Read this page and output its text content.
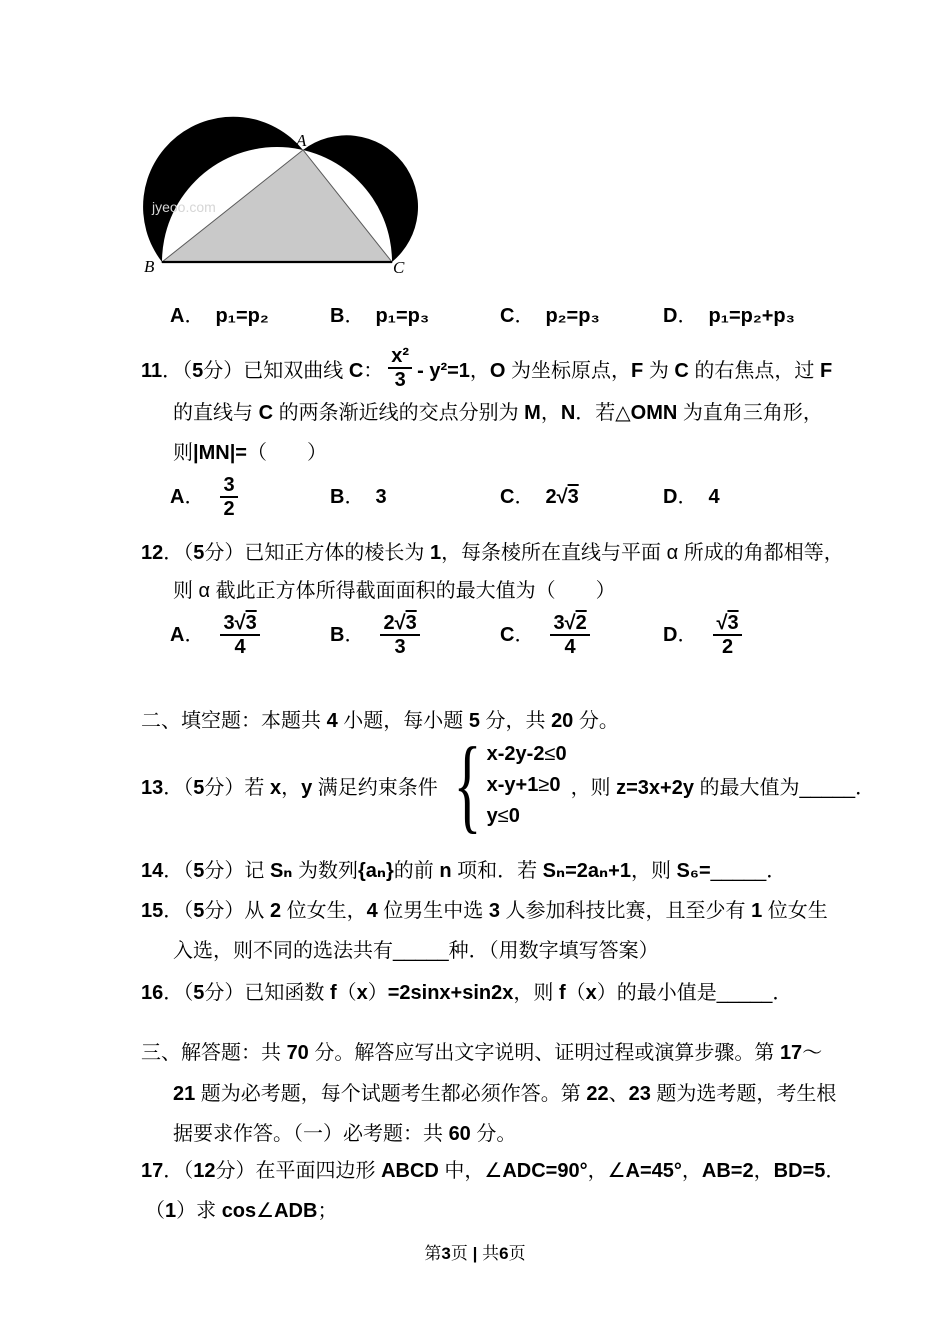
jyeoo.com
A
B	C
A． p₁=p₂	B． p₁=p₃	C． p₂=p₃	D． p₁=p₂+p₃
11．（5分）已知双曲线 C： $\frac{\text{x²}}{3} - y^2=1$，O 为坐标原点，F 为 C 的右焦点，过 F
的直线与 C 的两条渐近线的交点分别为 M，N．若△OMN 为直角三角形，
则|MN|=（　　）
A． $\frac{3}{2}$	B． 3	C． 2√3	D． 4
12．（5分）已知正方体的棱长为 1，每条棱所在直线与平面 α 所成的角都相等，
则 α 截此正方体所得截面面积的最大值为（　　）
A． $\frac{3√3}{4}$	B． $\frac{2√3}{3}$	C． $\frac{3√2}{4}$	D． $\frac{√3}{2}$
二、填空题：本题共 4 小题，每小题 5 分，共 20 分。
13．（5分）若 x，y 满足约束条件 { x-2y-2≤0
x-y+1≥0
y≤0
，则 z=3x+2y 的最大值为_____．
14．（5分）记 Sₙ 为数列{aₙ}的前 n 项和．若 Sₙ=2aₙ+1，则 S₆=_____．
15．（5分）从 2 位女生，4 位男生中选 3 人参加科技比赛，且至少有 1 位女生
入选，则不同的选法共有_____种．（用数字填写答案）
16．（5分）已知函数 f（x）=2sinx+sin2x，则 f（x）的最小值是_____．
三、解答题：共 70 分。解答应写出文字说明、证明过程或演算步骤。第 17～
21 题为必考题，每个试题考生都必须作答。第 22、23 题为选考题，考生根
据要求作答。（一）必考题：共 60 分。
17．（12分）在平面四边形 ABCD 中，∠ADC=90°，∠A=45°，AB=2，BD=5．
（1）求 cos∠ADB；
第3页 | 共6页
